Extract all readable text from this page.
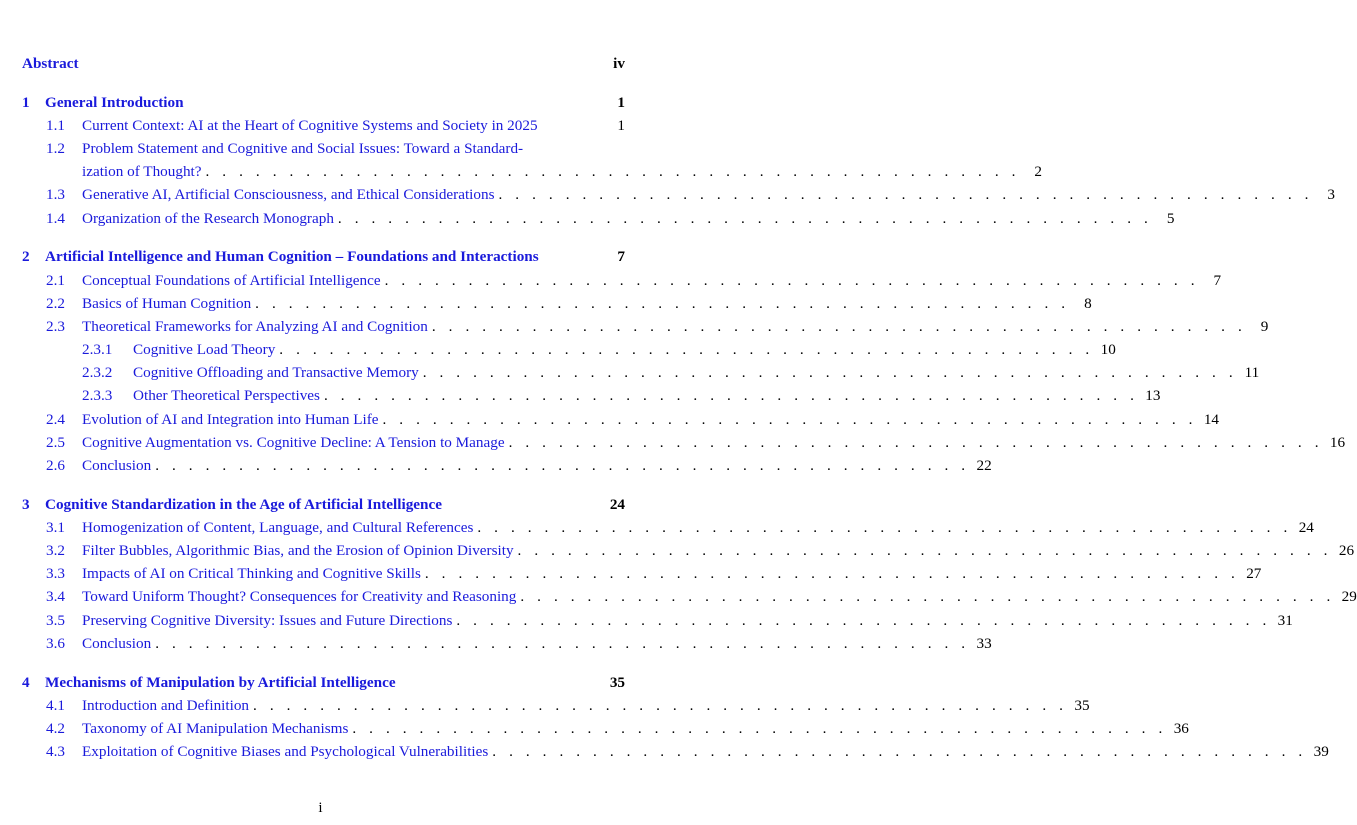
Abstract	iv
1	General Introduction	1
1.1	Current Context: AI at the Heart of Cognitive Systems and Society in 2025	1
1.2	Problem Statement and Cognitive and Social Issues: Toward a Standard-
ization of Thought? . . . . . . . . . . . . . . . . . . . . . . . . . . . . . . . . . . . . . . . . . . . . . . . . . 2
1.3	Generative AI, Artificial Consciousness, and Ethical Considerations . . . . . . . . . . . . . . . . . . . . . . . . . . . . . . . . . . . . . . . . . . . . . . . . . 3
1.4	Organization of the Research Monograph . . . . . . . . . . . . . . . . . . . . . . . . . . . . . . . . . . . . . . . . . . . . . . . . . 5
2	Artificial Intelligence and Human Cognition – Foundations and Interactions	7
2.1	Conceptual Foundations of Artificial Intelligence . . . . . . . . . . . . . . . . . . . . . . . . . . . . . . . . . . . . . . . . . . . . . . . . . 7
2.2	Basics of Human Cognition . . . . . . . . . . . . . . . . . . . . . . . . . . . . . . . . . . . . . . . . . . . . . . . . . 8
2.3	Theoretical Frameworks for Analyzing AI and Cognition . . . . . . . . . . . . . . . . . . . . . . . . . . . . . . . . . . . . . . . . . . . . . . . . . 9
2.3.1	Cognitive Load Theory . . . . . . . . . . . . . . . . . . . . . . . . . . . . . . . . . . . . . . . . . . . . . . . . . 10
2.3.2	Cognitive Offloading and Transactive Memory . . . . . . . . . . . . . . . . . . . . . . . . . . . . . . . . . . . . . . . . . . . . . . . . . 11
2.3.3	Other Theoretical Perspectives . . . . . . . . . . . . . . . . . . . . . . . . . . . . . . . . . . . . . . . . . . . . . . . . . 13
2.4	Evolution of AI and Integration into Human Life . . . . . . . . . . . . . . . . . . . . . . . . . . . . . . . . . . . . . . . . . . . . . . . . . 14
2.5	Cognitive Augmentation vs. Cognitive Decline: A Tension to Manage . . . . . . . . . . . . . . . . . . . . . . . . . . . . . . . . . . . . . . . . . . . . . . . . . 16
2.6	Conclusion . . . . . . . . . . . . . . . . . . . . . . . . . . . . . . . . . . . . . . . . . . . . . . . . . 22
3	Cognitive Standardization in the Age of Artificial Intelligence	24
3.1	Homogenization of Content, Language, and Cultural References . . . . . . . . . . . . . . . . . . . . . . . . . . . . . . . . . . . . . . . . . . . . . . . . . 24
3.2	Filter Bubbles, Algorithmic Bias, and the Erosion of Opinion Diversity . . . . . . . . . . . . . . . . . . . . . . . . . . . . . . . . . . . . . . . . . . . . . . . . . 26
3.3	Impacts of AI on Critical Thinking and Cognitive Skills . . . . . . . . . . . . . . . . . . . . . . . . . . . . . . . . . . . . . . . . . . . . . . . . . 27
3.4	Toward Uniform Thought? Consequences for Creativity and Reasoning . . . . . . . . . . . . . . . . . . . . . . . . . . . . . . . . . . . . . . . . . . . . . . . . . 29
3.5	Preserving Cognitive Diversity: Issues and Future Directions . . . . . . . . . . . . . . . . . . . . . . . . . . . . . . . . . . . . . . . . . . . . . . . . . 31
3.6	Conclusion . . . . . . . . . . . . . . . . . . . . . . . . . . . . . . . . . . . . . . . . . . . . . . . . . 33
4	Mechanisms of Manipulation by Artificial Intelligence	35
4.1	Introduction and Definition . . . . . . . . . . . . . . . . . . . . . . . . . . . . . . . . . . . . . . . . . . . . . . . . . 35
4.2	Taxonomy of AI Manipulation Mechanisms . . . . . . . . . . . . . . . . . . . . . . . . . . . . . . . . . . . . . . . . . . . . . . . . . 36
4.3	Exploitation of Cognitive Biases and Psychological Vulnerabilities . . . . . . . . . . . . . . . . . . . . . . . . . . . . . . . . . . . . . . . . . . . . . . . . . 39
i
